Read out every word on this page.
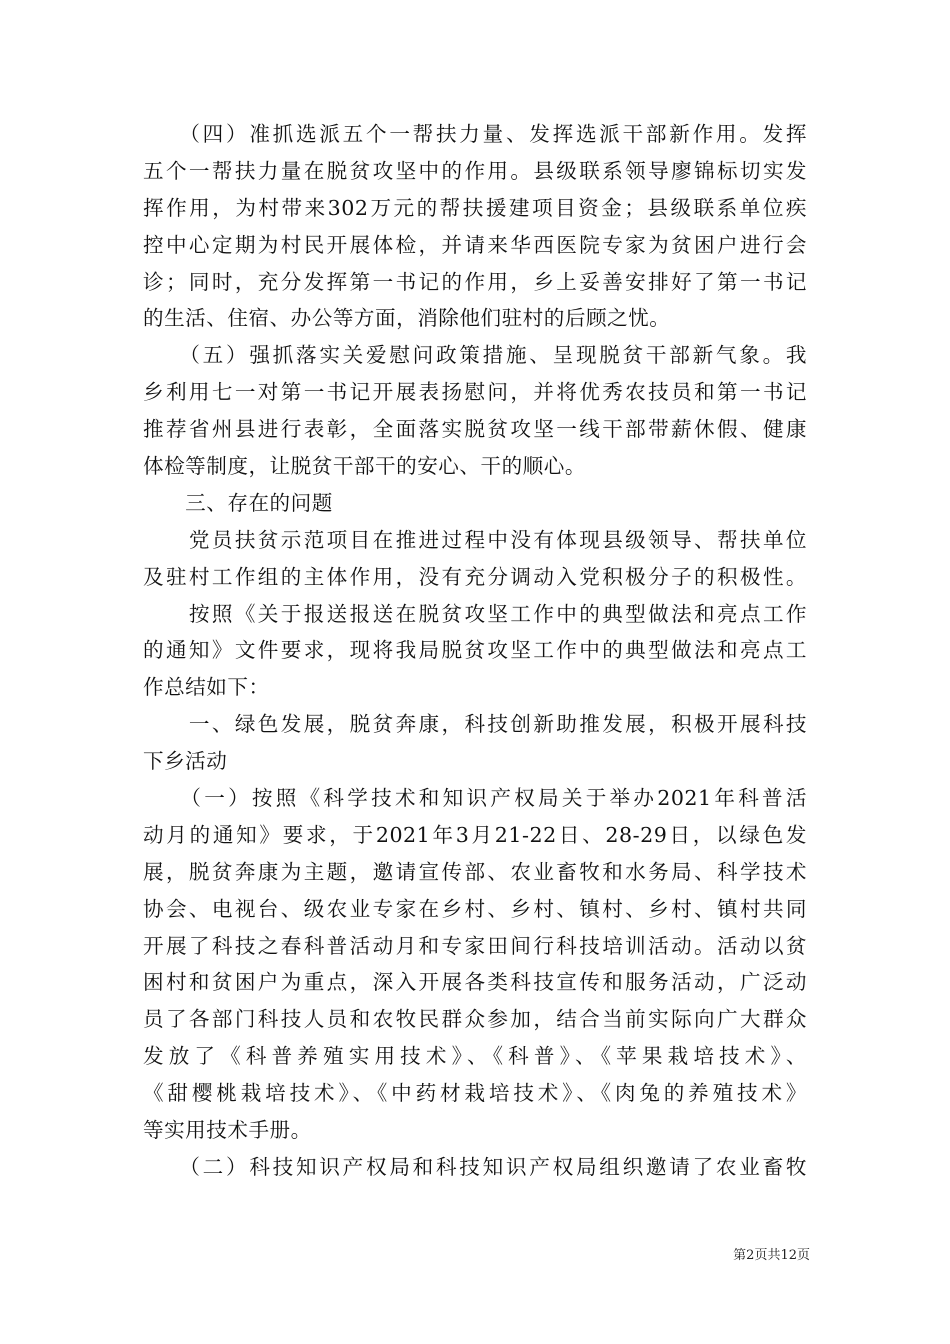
　　（四）准抓选派五个一帮扶力量、发挥选派干部新作用。发挥
五个一帮扶力量在脱贫攻坚中的作用。县级联系领导廖锦标切实发
挥作用，为村带来302万元的帮扶援建项目资金；县级联系单位疾
控中心定期为村民开展体检，并请来华西医院专家为贫困户进行会
诊；同时，充分发挥第一书记的作用，乡上妥善安排好了第一书记
的生活、住宿、办公等方面，消除他们驻村的后顾之忧。
　　（五）强抓落实关爱慰问政策措施、呈现脱贫干部新气象。我
乡利用七一对第一书记开展表扬慰问，并将优秀农技员和第一书记
推荐省州县进行表彰，全面落实脱贫攻坚一线干部带薪休假、健康
体检等制度，让脱贫干部干的安心、干的顺心。
　　三、存在的问题
　　党员扶贫示范项目在推进过程中没有体现县级领导、帮扶单位
及驻村工作组的主体作用，没有充分调动入党积极分子的积极性。
　　按照《关于报送报送在脱贫攻坚工作中的典型做法和亮点工作
的通知》文件要求，现将我局脱贫攻坚工作中的典型做法和亮点工
作总结如下：
　　一、绿色发展，脱贫奔康，科技创新助推发展，积极开展科技
下乡活动
　　（一）按照《科学技术和知识产权局关于举办2021年科普活
动月的通知》要求，于2021年3月21-22日、28-29日，以绿色发
展，脱贫奔康为主题，邀请宣传部、农业畜牧和水务局、科学技术
协会、电视台、级农业专家在乡村、乡村、镇村、乡村、镇村共同
开展了科技之春科普活动月和专家田间行科技培训活动。活动以贫
困村和贫困户为重点，深入开展各类科技宣传和服务活动，广泛动
员了各部门科技人员和农牧民群众参加，结合当前实际向广大群众
发放了《科普养殖实用技术》、《科普》、《苹果栽培技术》、
《甜樱桃栽培技术》、《中药材栽培技术》、《肉兔的养殖技术》
等实用技术手册。
　　（二）科技知识产权局和科技知识产权局组织邀请了农业畜牧
第2页共12页
